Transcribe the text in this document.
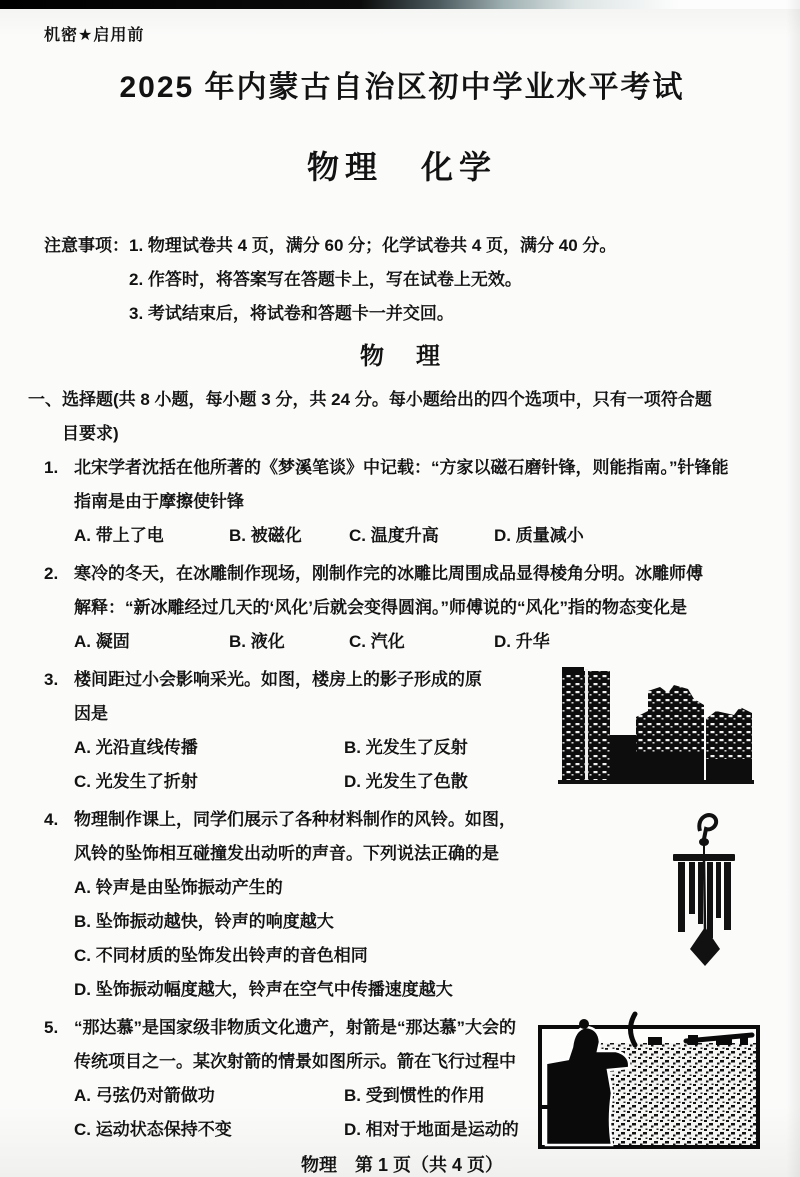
机密★启用前
2025 年内蒙古自治区初中学业水平考试
物理　化学
注意事项： 1. 物理试卷共 4 页，满分 60 分；化学试卷共 4 页，满分 40 分。
2. 作答时，将答案写在答题卡上，写在试卷上无效。
3. 考试结束后，将试卷和答题卡一并交回。
物　理
一、选择题(共 8 小题，每小题 3 分，共 24 分。每小题给出的四个选项中，只有一项符合题
目要求)
1. 北宋学者沈括在他所著的《梦溪笔谈》中记载：“方家以磁石磨针锋，则能指南。”针锋能
指南是由于摩擦使针锋
A. 带上了电	B. 被磁化	C. 温度升高	D. 质量减小
2. 寒冷的冬天，在冰雕制作现场，刚制作完的冰雕比周围成品显得棱角分明。冰雕师傅
解释：“新冰雕经过几天的‘风化’后就会变得圆润。”师傅说的“风化”指的物态变化是
A. 凝固	B. 液化	C. 汽化	D. 升华
3. 楼间距过小会影响采光。如图，楼房上的影子形成的原
因是
A. 光沿直线传播	B. 光发生了反射
C. 光发生了折射	D. 光发生了色散
4. 物理制作课上，同学们展示了各种材料制作的风铃。如图，
风铃的坠饰相互碰撞发出动听的声音。下列说法正确的是
A. 铃声是由坠饰振动产生的
B. 坠饰振动越快，铃声的响度越大
C. 不同材质的坠饰发出铃声的音色相同
D. 坠饰振动幅度越大，铃声在空气中传播速度越大
5. “那达慕”是国家级非物质文化遗产，射箭是“那达慕”大会的
传统项目之一。某次射箭的情景如图所示。箭在飞行过程中
A. 弓弦仍对箭做功	B. 受到惯性的作用
C. 运动状态保持不变	D. 相对于地面是运动的
物理　第 1 页（共 4 页）
